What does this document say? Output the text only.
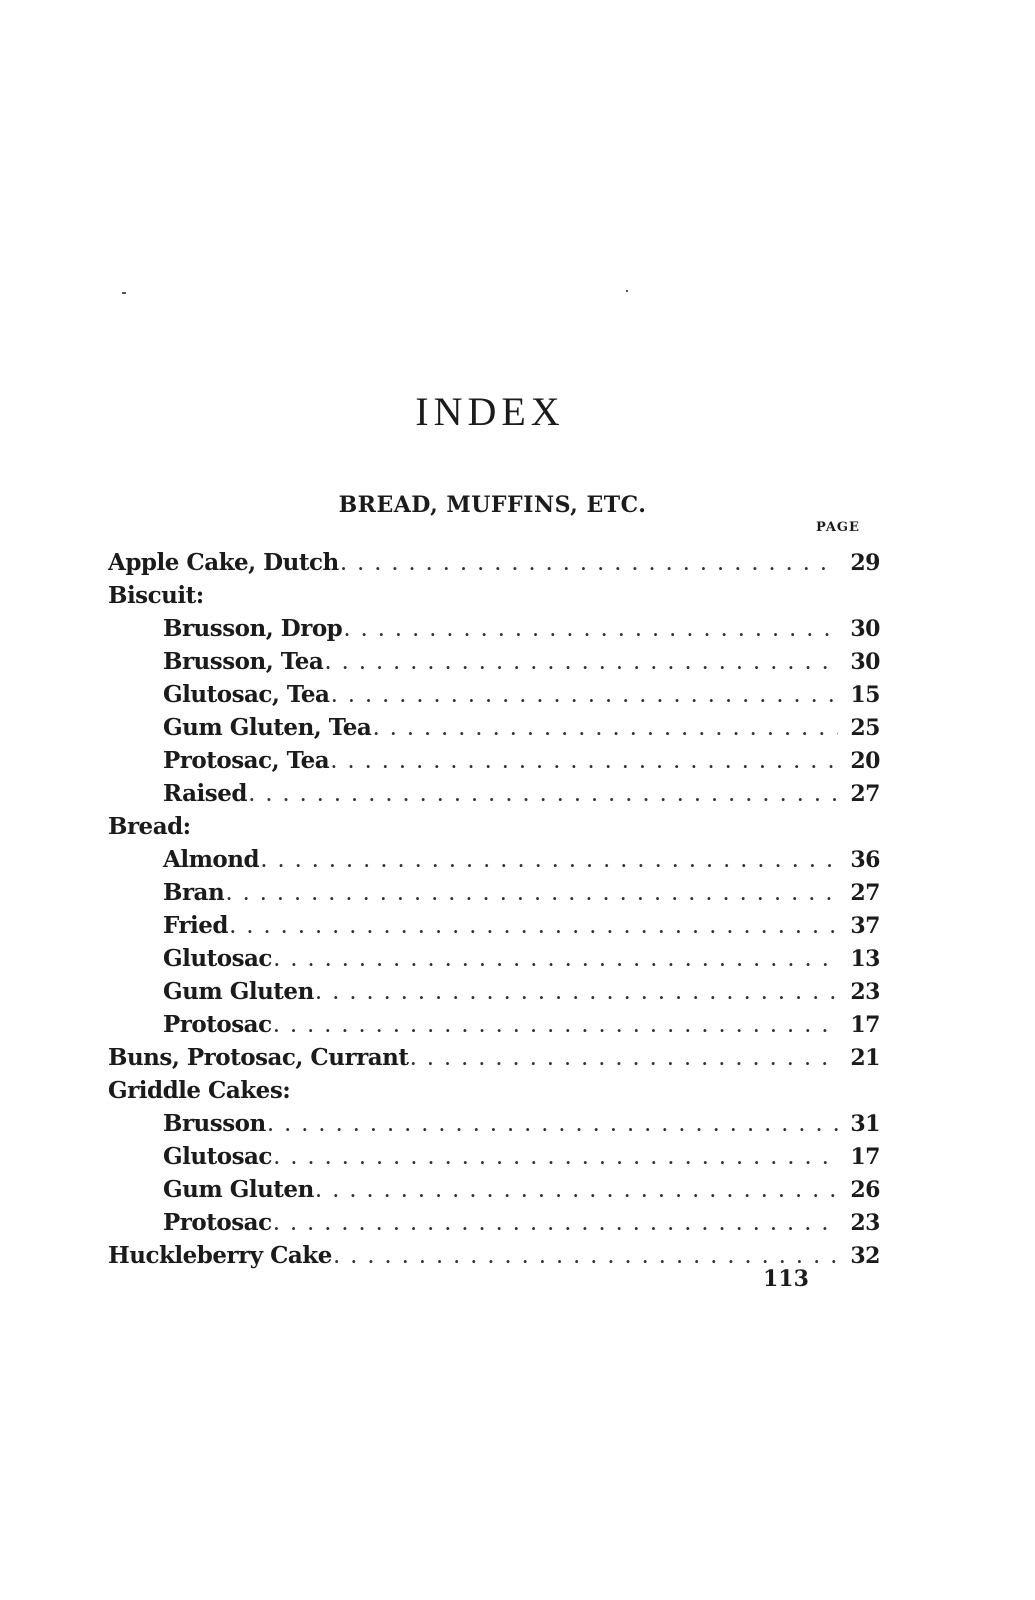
INDEX
BREAD, MUFFINS, ETC.
PAGE
Apple Cake, Dutch . . .	29
Biscuit:
Brusson, Drop . . .	30
Brusson, Tea . . .	30
Glutosac, Tea . . .	15
Gum Gluten, Tea . . .	25
Protosac, Tea . . .	20
Raised . . .	27
Bread:
Almond . . .	36
Bran . . .	27
Fried . . .	37
Glutosac . . .	13
Gum Gluten . . .	23
Protosac . . .	17
Buns, Protosac, Currant . . .	21
Griddle Cakes:
Brusson . . .	31
Glutosac . . .	17
Gum Gluten . . .	26
Protosac . . .	23
Huckleberry Cake . . .	32
113
